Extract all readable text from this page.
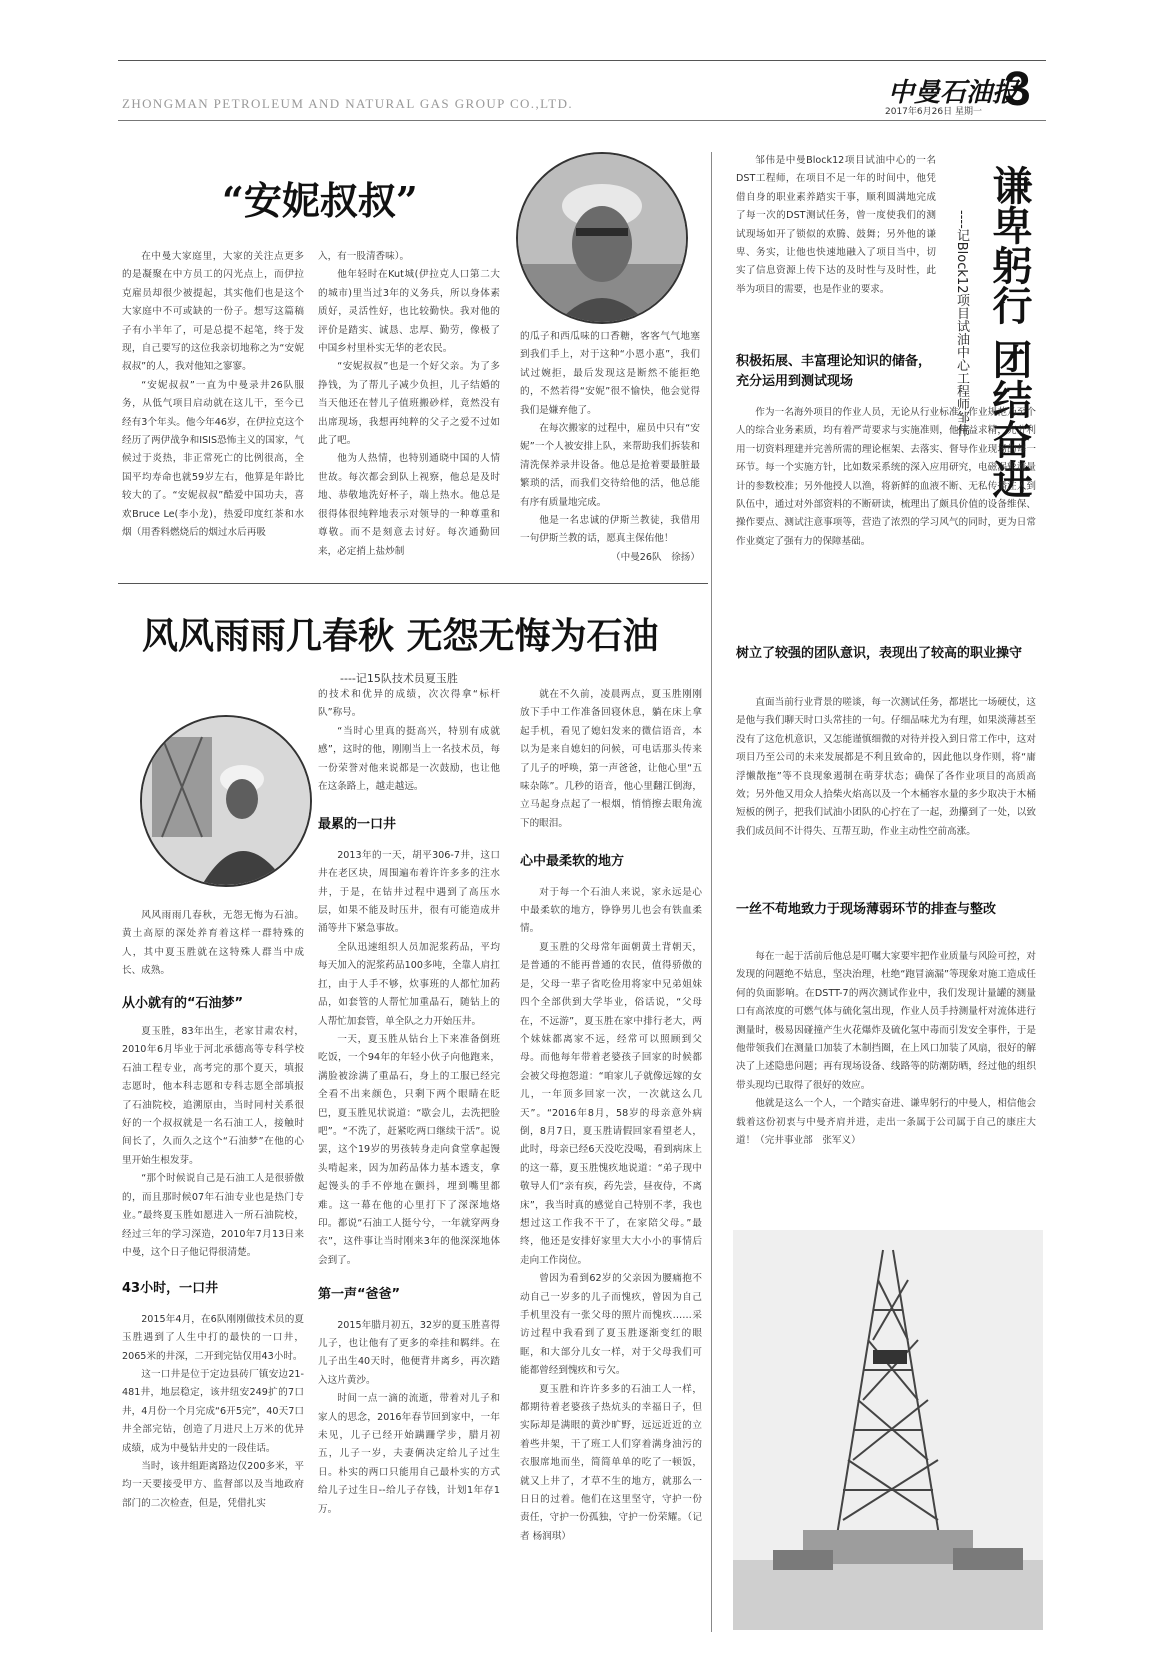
ZHONGMAN PETROLEUM AND NATURAL GAS GROUP CO.,LTD.	中曼石油报
2017年6月26日 星期一 3
“安妮叔叔”

在中曼大家庭里，大家的关注点更多的是凝聚在中方员工的闪光点上，而伊拉克雇员却很少被提起，其实他们也是这个大家庭中不可或缺的一份子。想写这篇稿子有小半年了，可是总提不起笔，终于发现，自己要写的这位我亲切地称之为“安妮叔叔”的人，我对他知之寥寥。

“安妮叔叔”一直为中曼录井26队服务，从低气项目启动就在这儿干，至今已经有3个年头。他今年46岁，在伊拉克这个经历了两伊战争和ISIS恐怖主义的国家，气候过于炎热，非正常死亡的比例很高，全国平均寿命也就59岁左右，他算是年龄比较大的了。“安妮叔叔”酷爱中国功夫，喜欢Bruce Le(李小龙)，热爱印度红茶和水烟（用香料燃烧后的烟过水后再吸

入，有一股清香味）。

他年轻时在Kut城(伊拉克人口第二大的城市)里当过3年的义务兵，所以身体素质好，灵活性好，也比较勤快。我对他的评价是踏实、诚恳、忠厚、勤劳，像极了中国乡村里朴实无华的老农民。

“安妮叔叔”也是一个好父亲。为了多挣钱，为了帮儿子减少负担，儿子结婚的当天他还在替儿子值班搬砂样，竟然没有出席现场，我想再纯粹的父子之爱不过如此了吧。

他为人热情，也特别通晓中国的人情世故。每次都会到队上视察，他总是及时地、恭敬地洗好杯子，端上热水。他总是很得体很纯粹地表示对领导的一种尊重和尊敬。而不是刻意去讨好。每次通勤回来，必定捎上盐炒制

的瓜子和西瓜味的口香糖，客客气气地塞到我们手上，对于这种“小恩小惠”，我们试过婉拒，最后发现这是断然不能拒绝的，不然若得“安妮”很不愉快，他会觉得我们是嫌弃他了。

在每次搬家的过程中，雇员中只有“安妮”一个人被安排上队，来帮助我们拆装和清洗保养录井设备。他总是抢着要最脏最繁琐的活，而我们交待给他的活，他总能有序有质量地完成。

他是一名忠诚的伊斯兰教徒，我借用一句伊斯兰教的话，愿真主保佑他！

（中曼26队　徐扬）

风风雨雨几春秋 无怨无悔为石油
----记15队技术员夏玉胜

风风雨雨几春秋，无怨无悔为石油。黄土高原的深处养育着这样一群特殊的人，其中夏玉胜就在这特殊人群当中成长、成熟。

从小就有的“石油梦”

夏玉胜，83年出生，老家甘肃农村，2010年6月毕业于河北承德高等专科学校石油工程专业，高考完的那个夏天，填报志愿时，他本科志愿和专科志愿全部填报了石油院校，追溯原由，当时同村关系很好的一个叔叔就是一名石油工人，接触时间长了，久而久之这个“石油梦”在他的心里开始生根发芽。

“那个时候说自己是石油工人是很骄傲的，而且那时候07年石油专业也是热门专业。”最终夏玉胜如愿进入一所石油院校，经过三年的学习深造，2010年7月13日来中曼，这个日子他记得很清楚。

43小时，一口井

2015年4月，在6队刚刚做技术员的夏玉胜遇到了人生中打的最快的一口井，2065米的井深，二开到完钻仅用43小时。

这一口井是位于定边县砖厂镇安边21-481井，地层稳定，该井纽安249扩的7口井，4月份一个月完成“6开5完”，40天7口井全部完钻，创造了月进尺上万米的优异成绩，成为中曼钻井史的一段佳话。

当时，该井组距离路边仅200多米，平均一天要接受甲方、监督部以及当地政府部门的二次检查，但是，凭借扎实

的技术和优异的成绩，次次得拿“标杆队”称号。

“当时心里真的挺高兴，特别有成就感”，这时的他，刚刚当上一名技术员，每一份荣誉对他来说都是一次鼓励，也让他在这条路上，越走越远。

最累的一口井

2013年的一天，胡平306-7井，这口井在老区块，周围遍布着许许多多的注水井，于是，在钻井过程中遇到了高压水层，如果不能及时压井，很有可能造成井涌等井下紧急事故。

全队迅速组织人员加泥浆药品，平均每天加入的泥浆药品100多吨，全靠人肩扛扛，由于人手不够，炊事班的人都忙加药品，如套管的人帮忙加重晶石，随钻上的人帮忙加套管，单全队之力开始压井。

一天，夏玉胜从钻台上下来准备倒班吃饭，一个94年的年轻小伙子向他跑来，满脸被涂满了重晶石，身上的工服已经完全看不出来颜色，只剩下两个眼睛在眨巴，夏玉胜见状说道：“歇会儿，去洗把脸吧”。“不洗了，赶紧吃两口继续干活”。说罢，这个19岁的男孩转身走向食堂拿起馒头啃起来，因为加药品体力基本透支，拿起馒头的手不停地在颤抖，埋到嘴里都难。这一幕在他的心里打下了深深地烙印。都说“石油工人挺兮兮，一年就穿两身衣”，这件事让当时刚来3年的他深深地体会到了。

第一声“爸爸”

2015年腊月初五，32岁的夏玉胜喜得儿子，也让他有了更多的牵挂和羁绊。在儿子出生40天时，他便背井离乡，再次踏入这片黄沙。

时间一点一滴的流逝，带着对儿子和家人的思念，2016年春节回到家中，一年未见，儿子已经开始蹒跚学步，腊月初五，儿子一岁，夫妻俩决定给儿子过生日。朴实的两口只能用自己最朴实的方式给儿子过生日--给儿子存钱，计划1年存1万。

就在不久前，凌晨两点，夏玉胜刚刚放下手中工作准备回寝休息，躺在床上拿起手机，看见了媳妇发来的微信语音，本以为是来自媳妇的问候，可电话那头传来了儿子的呼唤，第一声爸爸，让他心里“五味杂陈”。几秒的语音，他心里翻江倒海，立马起身点起了一根烟，悄悄擦去眼角流下的眼泪。

心中最柔软的地方

对于每一个石油人来说，家永远是心中最柔软的地方，铮铮男儿也会有铁血柔情。

夏玉胜的父母常年面朝黄土背朝天，是普通的不能再普通的农民，值得骄傲的是，父母一辈子省吃俭用将家中兄弟姐妹四个全部供到大学毕业，俗话说，“父母在，不远游”，夏玉胜在家中排行老大，两个妹妹都离家不远，经常可以照顾到父母。而他每年带着老婆孩子回家的时候都会被父母抱怨道：“咱家儿子就像远嫁的女儿，一年顶多回家一次，一次就这么几天”。“2016年8月，58岁的母亲意外病倒，8月7日，夏玉胜请假回家看望老人，此时，母亲已经6天没吃没喝，看到病床上的这一幕，夏玉胜愧疚地说道：“弟子现中敬导人们“亲有疾，药先尝，昼夜侍，不离床”，我当时真的感觉自己特别不孝，我也想过这工作我不干了，在家陪父母。”最终，他还是安排好家里大大小小的事情后走向工作岗位。

曾因为看到62岁的父亲因为腰痛抱不动自己一岁多的儿子而愧疚，曾因为自己手机里没有一张父母的照片而愧疚……采访过程中我看到了夏玉胜逐渐变红的眼眶，和大部分儿女一样，对于父母我们可能都曾经到愧疚和亏欠。

夏玉胜和许许多多的石油工人一样，都期待着老婆孩子热炕头的幸福日子，但实际却是满眼的黄沙旷野，远远近近的立着些井架，干了班工人们穿着满身油污的衣服席地而坐，简简单单的吃了一顿饭，就又上井了，才草不生的地方，就那么一日日的过着。他们在这里坚守，守护一份责任，守护一份孤独，守护一份荣耀。（记者 杨润琪）

谦卑躬行 团结奋进
----记Block12项目试油中心工程师邹伟

邹伟是中曼Block12项目试油中心的一名DST工程师，在项目不足一年的时间中，他凭借自身的职业素养踏实干事，顺利圆满地完成了每一次的DST测试任务，曾一度使我们的测试现场如开了锁似的欢腾、鼓舞；另外他的谦卑、务实，让他也快速地融入了项目当中，切实了信息资源上传下达的及时性与及时性，此举为项目的需要，也是作业的要求。

积极拓展、丰富理论知识的储备，充分运用到测试现场

作为一名海外项目的作业人员，无论从行业标准、作业规范乃至个人的综合业务素质，均有着严苛要求与实施准则，他精益求精，充分利用一切资料理建并完善所需的理论框架、去落实、督导作业现场的每一环节。每一个实施方针，比如数采系统的深入应用研究，电磁涡轮流量计的参数校准；另外他授人以渔，将新鲜的血液不断、无私传播注入到队伍中，通过对外部资料的不断研读，梳理出了颇具价值的设备维保、操作要点、测试注意事项等，营造了浓烈的学习风气的同时，更为日常作业奠定了强有力的保障基础。

树立了较强的团队意识，表现出了较高的职业操守

直面当前行业背景的嗟谈，每一次测试任务，都堪比一场硬仗，这是他与我们聊天时口头常挂的一句。仔细品味尤为有理，如果淡薄甚至没有了这危机意识，又怎能谨慎细微的对待并投入到日常工作中，这对项目乃至公司的未来发展都是不利且致命的，因此他以身作则，将“庸浮懒散拖”等不良现象遏制在萌芽状态；确保了各作业项目的高质高效；另外他又用众人拾柴火焰高以及一个木桶容水量的多少取决于木桶短板的例子，把我们试油小团队的心拧在了一起，劲攥到了一处，以致我们成员间不计得失、互帮互助，作业主动性空前高涨。

一丝不苟地致力于现场薄弱环节的排查与整改

每在一起于活前后他总是叮嘱大家要牢把作业质量与风险可控，对发现的问题绝不姑息，坚决治理，杜绝“跑冒滴漏”等现象对施工造成任何的负面影响。在DSTT-7的两次测试作业中，我们发现计量罐的测量口有高浓度的可燃气体与硫化氢出现，作业人员手持测量杆对流体进行测量时，极易因碰撞产生火花爆炸及硫化氢中毒而引发安全事件，于是他带领我们在测量口加装了木制挡圈，在上风口加装了风扇，很好的解决了上述隐患问题；再有现场设备、线路等的防潮防晒，经过他的组织带头现均已取得了很好的效应。

他就是这么一个人，一个踏实奋进、谦卑躬行的中曼人，相信他会载着这份初衷与中曼齐肩并进，走出一条属于公司属于自己的康庄大道！（完井事业部　张军义）
